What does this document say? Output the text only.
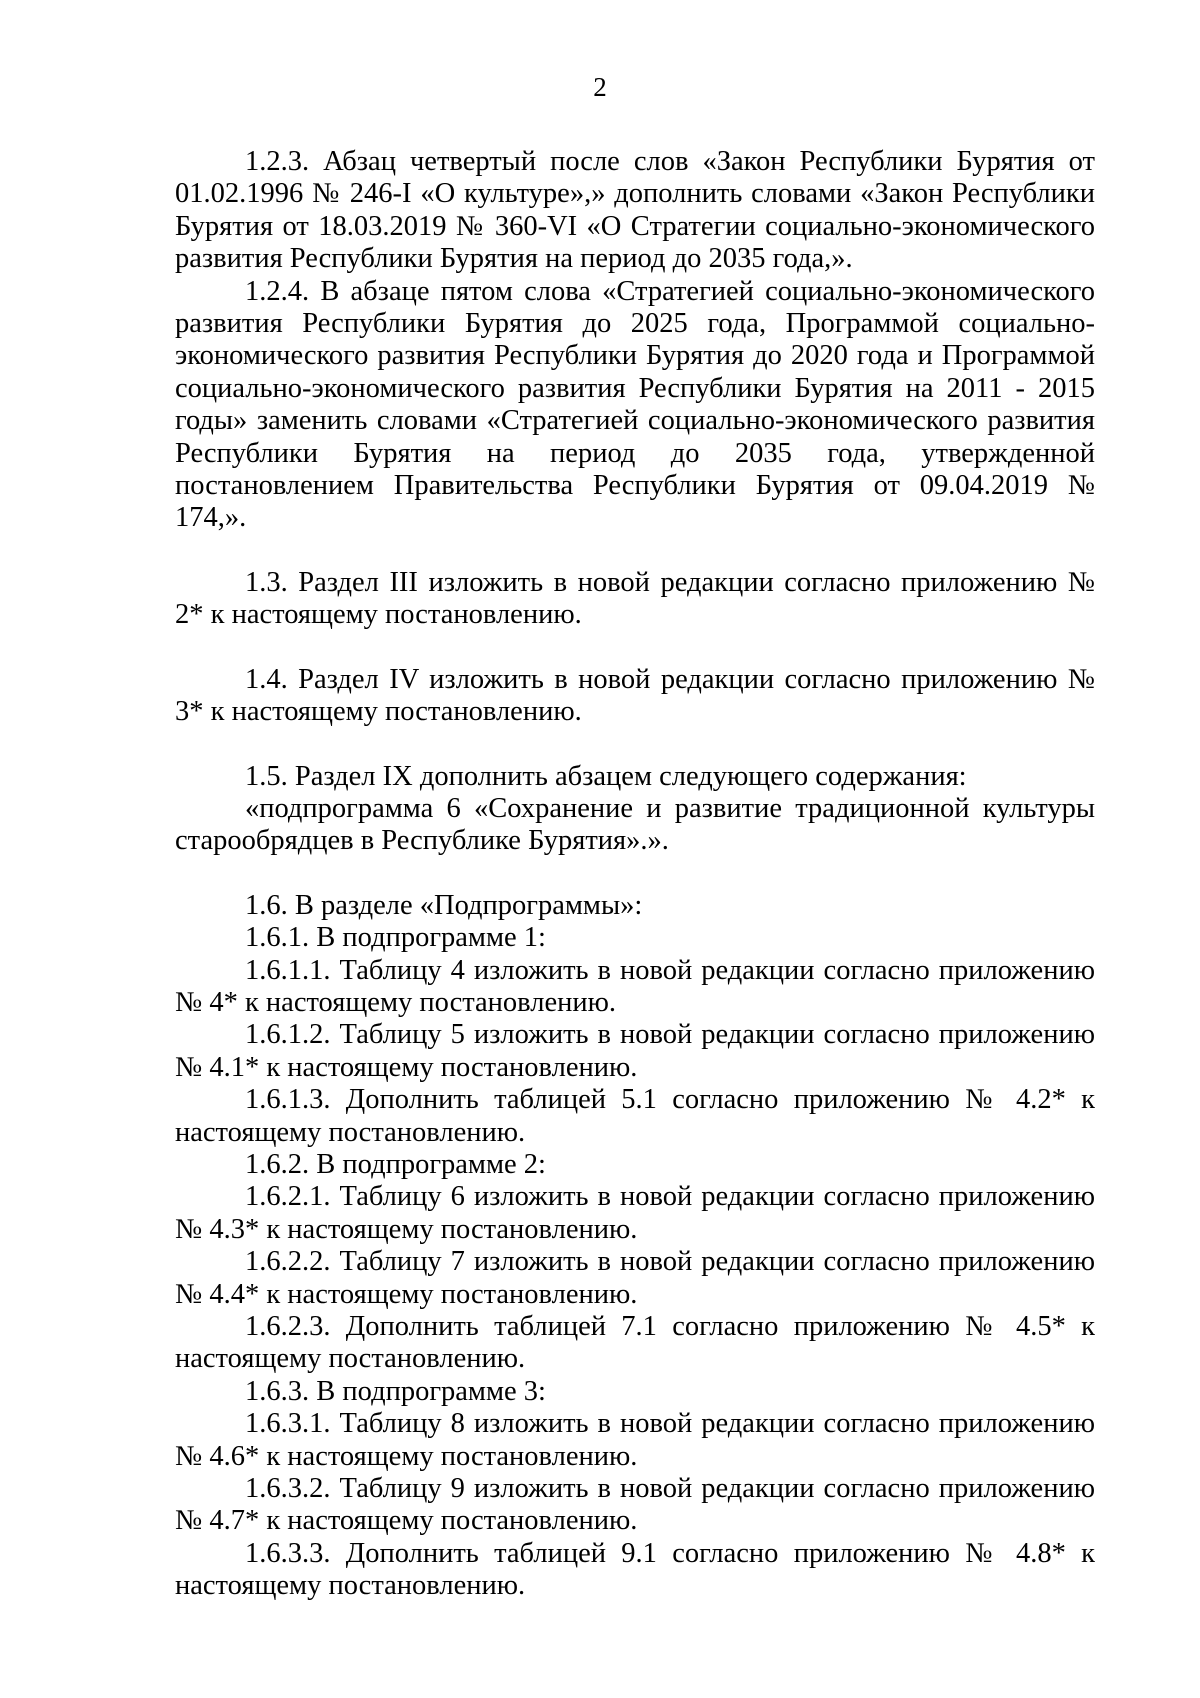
2

1.2.3. Абзац четвертый после слов «Закон Республики Бурятия от 01.02.1996 № 246-I «О культуре»,» дополнить словами «Закон Республики Бурятия от 18.03.2019 № 360-VI «О Стратегии социально-экономического развития Республики Бурятия на период до 2035 года,».

1.2.4. В абзаце пятом слова «Стратегией социально-экономического развития Республики Бурятия до 2025 года, Программой социально-экономического развития Республики Бурятия до 2020 года и Программой социально-экономического развития Республики Бурятия на 2011 - 2015 годы» заменить словами «Стратегией социально-экономического развития Республики Бурятия на период до 2035 года, утвержденной постановлением Правительства Республики Бурятия от 09.04.2019 № 174,».

1.3. Раздел III изложить в новой редакции согласно приложению № 2* к настоящему постановлению.

1.4. Раздел IV изложить в новой редакции согласно приложению № 3* к настоящему постановлению.

1.5. Раздел IX дополнить абзацем следующего содержания:

«подпрограмма 6 «Сохранение и развитие традиционной культуры старообрядцев в Республике Бурятия».».

1.6. В разделе «Подпрограммы»:

1.6.1. В подпрограмме 1:

1.6.1.1. Таблицу 4 изложить в новой редакции согласно приложению № 4* к настоящему постановлению.

1.6.1.2. Таблицу 5 изложить в новой редакции согласно приложению № 4.1* к настоящему постановлению.

1.6.1.3. Дополнить таблицей 5.1 согласно приложению № 4.2* к настоящему постановлению.

1.6.2. В подпрограмме 2:

1.6.2.1. Таблицу 6 изложить в новой редакции согласно приложению № 4.3* к настоящему постановлению.

1.6.2.2. Таблицу 7 изложить в новой редакции согласно приложению № 4.4* к настоящему постановлению.

1.6.2.3. Дополнить таблицей 7.1 согласно приложению № 4.5* к настоящему постановлению.

1.6.3. В подпрограмме 3:

1.6.3.1. Таблицу 8 изложить в новой редакции согласно приложению № 4.6* к настоящему постановлению.

1.6.3.2. Таблицу 9 изложить в новой редакции согласно приложению № 4.7* к настоящему постановлению.

1.6.3.3. Дополнить таблицей 9.1 согласно приложению № 4.8* к настоящему постановлению.
